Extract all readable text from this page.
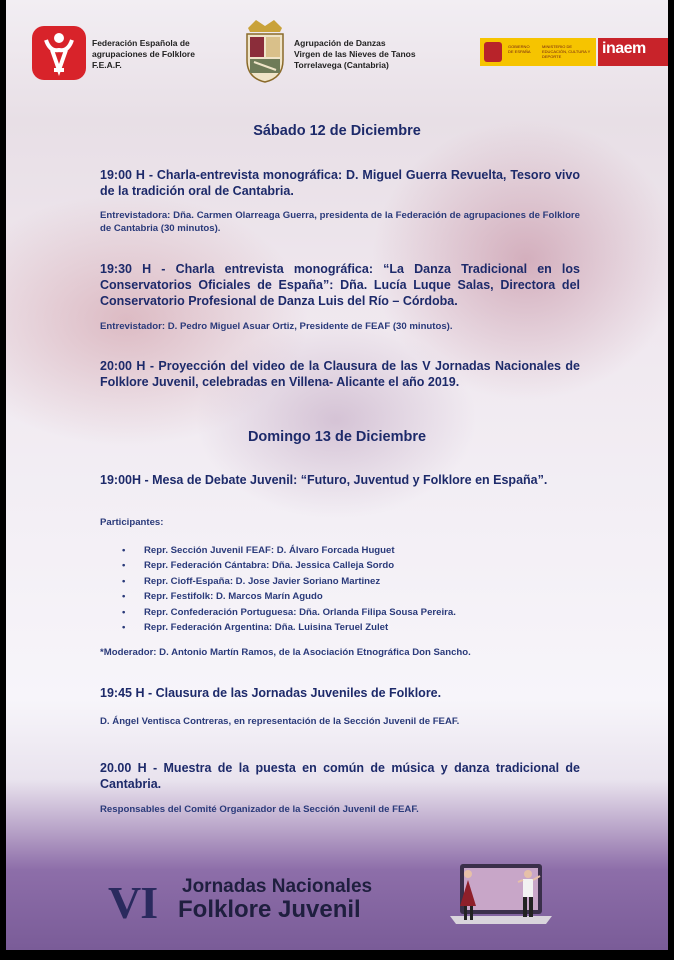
Federación Española de
agrupaciones de Folklore
F.E.A.F.
Agrupación de Danzas
Virgen de las Nieves de Tanos
Torrelavega (Cantabria)
GOBIERNO DE ESPAÑA
MINISTERIO DE EDUCACIÓN, CULTURA Y DEPORTE	inaem
Sábado 12 de Diciembre
19:00 H - Charla-entrevista monográfica: D. Miguel Guerra Revuelta, Tesoro vivo de la tradición oral de Cantabria.
Entrevistadora: Dña. Carmen Olarreaga Guerra, presidenta de la Federación de agrupaciones de Folklore de Cantabria (30 minutos).
19:30 H - Charla entrevista monográfica: “La Danza Tradicional en los Conservatorios Oficiales de España”: Dña. Lucía Luque Salas, Directora del Conservatorio Profesional de Danza Luis del Río – Córdoba.
Entrevistador: D. Pedro Miguel Asuar Ortiz, Presidente de FEAF (30 minutos).
20:00 H - Proyección del video de la Clausura de las V Jornadas Nacionales de Folklore Juvenil, celebradas en Villena- Alicante el año 2019.
Domingo 13 de Diciembre
19:00H - Mesa de Debate Juvenil: “Futuro, Juventud y Folklore en España”.
Participantes:
• Repr. Sección Juvenil FEAF: D. Álvaro Forcada Huguet
• Repr. Federación Cántabra: Dña. Jessica Calleja Sordo
• Repr. Cioff-España: D. Jose Javier Soriano Martinez
• Repr. Festifolk: D. Marcos Marín Agudo
• Repr. Confederación Portuguesa: Dña. Orlanda Filipa Sousa Pereira.
• Repr. Federación Argentina: Dña. Luisina Teruel Zulet
*Moderador: D. Antonio Martín Ramos, de la Asociación Etnográfica Don Sancho.
19:45 H - Clausura de las Jornadas Juveniles de Folklore.
D. Ángel Ventisca Contreras, en representación de la Sección Juvenil de FEAF.
20.00 H - Muestra de la puesta en común de música y danza tradicional de Cantabria.
Responsables del Comité Organizador de la Sección Juvenil de FEAF.
VI Jornadas Nacionales
Folklore Juvenil
